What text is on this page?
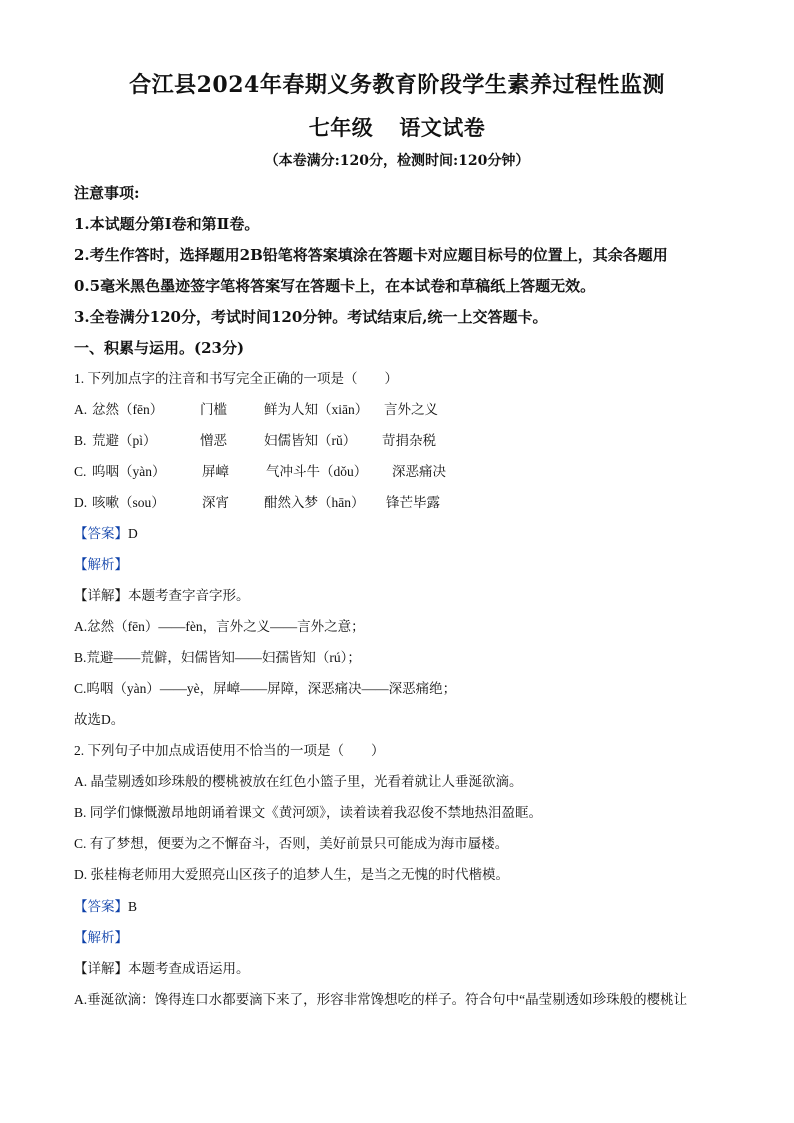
合江县2024年春期义务教育阶段学生素养过程性监测
七年级 语文试卷
（本卷满分:120分，检测时间:120分钟）
注意事项:
1.本试题分第Ⅰ卷和第Ⅱ卷。
2.考生作答时，选择题用2B铅笔将答案填涂在答题卡对应题目标号的位置上，其余各题用
0.5毫米黑色墨迹签字笔将答案写在答题卡上，在本试卷和草稿纸上答题无效。
3.全卷满分120分，考试时间120分钟。考试结束后,统一上交答题卡。
一、积累与运用。(23分)
1. 下列加点字的注音和书写完全正确的一项是（　　）
A. 忿然（fēn）	门槛	鲜为人知（xiān） 言外之义
B. 荒避（pì）	憎恶	妇儒皆知（rǔ） 苛捐杂税
C. 呜咽（yàn）	屏嶂	气冲斗牛（dǒu） 深恶痛决
D. 咳嗽（sou）	深宵	酣然入梦（hān） 锋芒毕露
【答案】D
【解析】
【详解】本题考查字音字形。
A.忿然（fēn）——fèn，言外之义——言外之意；
B.荒避——荒僻，妇儒皆知——妇孺皆知（rú）；
C.呜咽（yàn）——yè，屏嶂——屏障，深恶痛决——深恶痛绝；
故选D。
2. 下列句子中加点成语使用不恰当的一项是（　　）
A. 晶莹剔透如珍珠般的樱桃被放在红色小篮子里，光看着就让人垂涎欲滴。
B. 同学们慷慨激昂地朗诵着课文《黄河颂》，读着读着我忍俊不禁地热泪盈眶。
C. 有了梦想，便要为之不懈奋斗，否则，美好前景只可能成为海市蜃楼。
D. 张桂梅老师用大爱照亮山区孩子的追梦人生，是当之无愧的时代楷模。
【答案】B
【解析】
【详解】本题考查成语运用。
A.垂涎欲滴：馋得连口水都要滴下来了，形容非常馋想吃的样子。符合句中“晶莹剔透如珍珠般的樱桃让
